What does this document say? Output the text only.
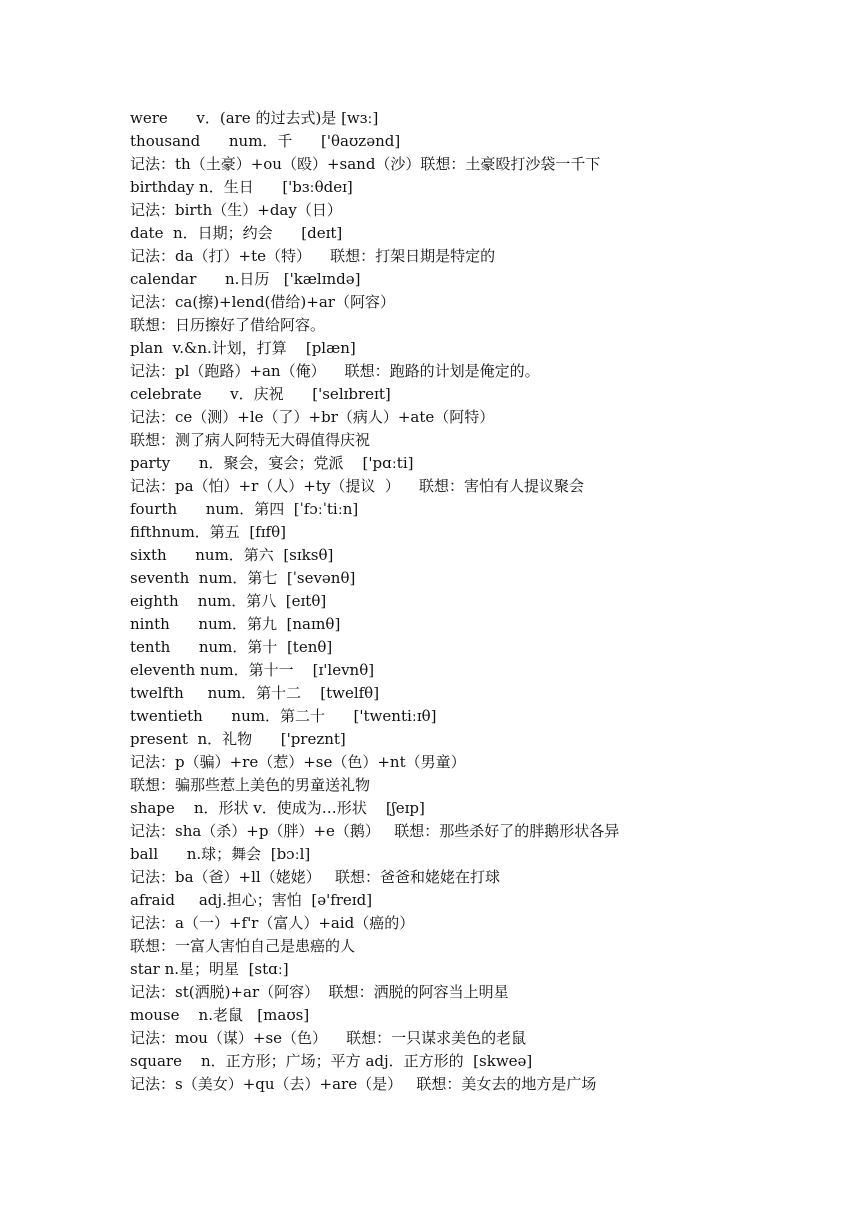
were      v．(are 的过去式)是 [wɜː]
thousand      num．千      ['θaʊzənd]
记法：th（土豪）+ou（殴）+sand（沙）联想：土豪殴打沙袋一千下
birthday n．生日      ['bɜːθdeɪ]
记法：birth（生）+day（日）
date  n．日期；约会      [deɪt]
记法：da（打）+te（特）    联想：打架日期是特定的
calendar      n.日历   ['kælɪndə]
记法：ca(擦)+lend(借给)+ar（阿容）
联想：日历擦好了借给阿容。
plan  v.&n.计划，打算    [plæn]
记法：pl（跑路）+an（俺）    联想：跑路的计划是俺定的。
celebrate      v．庆祝      ['selɪbreɪt]
记法：ce（测）+le（了）+br（病人）+ate（阿特）
联想：测了病人阿特无大碍值得庆祝
party      n．聚会，宴会；党派    ['pɑːti]
记法：pa（怕）+r（人）+ty（提议  ）    联想：害怕有人提议聚会
fourth      num．第四  [ˈfɔːˈtiːn]
fifthnum．第五  [fɪfθ]
sixth      num．第六  [sɪksθ]
seventh  num．第七  [ˈsevənθ]
eighth    num．第八  [eɪtθ]
ninth      num．第九  [naɪnθ]
tenth      num．第十  [tenθ]
eleventh num．第十一    [ɪ'levnθ]
twelfth     num．第十二    [twelfθ]
twentieth      num．第二十      ['twentiːɪθ]
present  n．礼物      ['preznt]
记法：p（骗）+re（惹）+se（色）+nt（男童）
联想：骗那些惹上美色的男童送礼物
shape    n．形状 v．使成为…形状    [ʃeɪp]
记法：sha（杀）+p（胖）+e（鹅）   联想：那些杀好了的胖鹅形状各异
ball      n.球；舞会  [bɔːl]
记法：ba（爸）+ll（姥姥）   联想：爸爸和姥姥在打球
afraid     adj.担心；害怕  [ə'freɪd]
记法：a（一）+f'r（富人）+aid（癌的）
联想：一富人害怕自己是患癌的人
star n.星；明星  [stɑː]
记法：st(洒脱)+ar（阿容）  联想：洒脱的阿容当上明星
mouse    n.老鼠   [maʊs]
记法：mou（谋）+se（色）    联想：一只谋求美色的老鼠
square    n．正方形；广场；平方 adj．正方形的  [skweə]
记法：s（美女）+qu（去）+are（是）   联想：美女去的地方是广场
